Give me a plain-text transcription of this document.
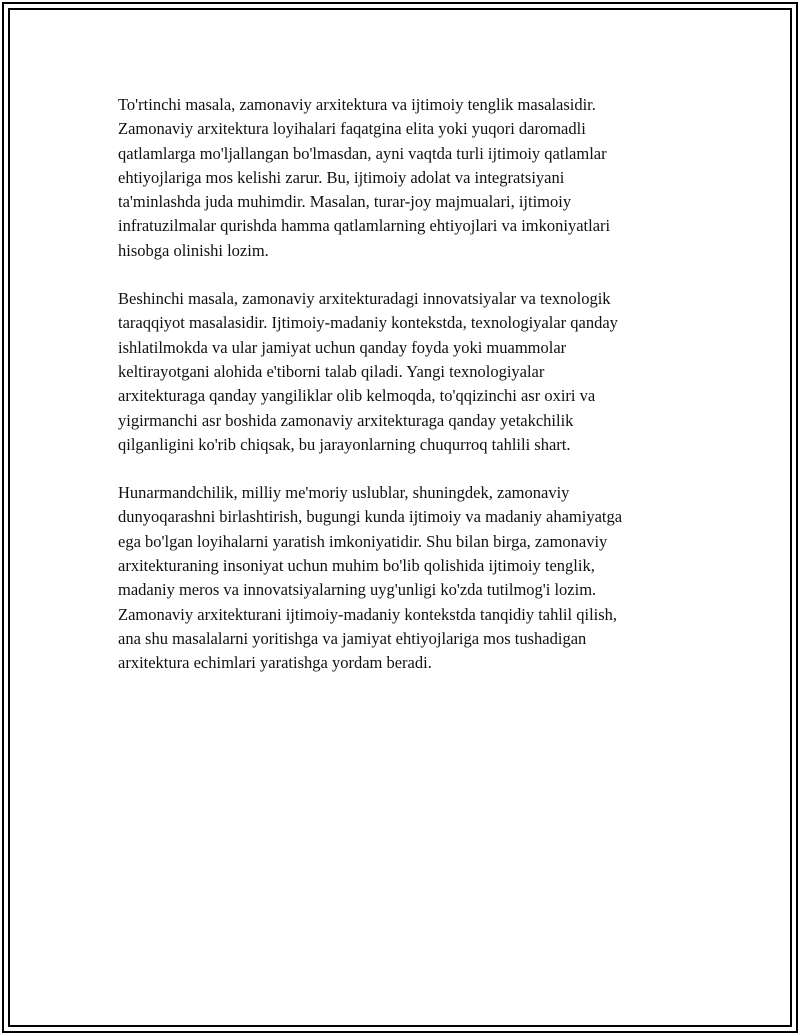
To'rtinchi masala, zamonaviy arxitektura va ijtimoiy tenglik masalasidir.
Zamonaviy arxitektura loyihalari faqatgina elita yoki yuqori daromadli
qatlamlarga mo'ljallangan bo'lmasdan, ayni vaqtda turli ijtimoiy qatlamlar
ehtiyojlariga mos kelishi zarur. Bu, ijtimoiy adolat va integratsiyani
ta'minlashda juda muhimdir. Masalan, turar-joy majmualari, ijtimoiy
infratuzilmalar qurishda hamma qatlamlarning ehtiyojlari va imkoniyatlari
hisobga olinishi lozim.

Beshinchi masala, zamonaviy arxitekturadagi innovatsiyalar va texnologik
taraqqiyot masalasidir. Ijtimoiy-madaniy kontekstda, texnologiyalar qanday
ishlatilmokda va ular jamiyat uchun qanday foyda yoki muammolar
keltirayotgani alohida e'tiborni talab qiladi. Yangi texnologiyalar
arxitekturaga qanday yangiliklar olib kelmoqda, to'qqizinchi asr oxiri va
yigirmanchi asr boshida zamonaviy arxitekturaga qanday yetakchilik
qilganligini ko'rib chiqsak, bu jarayonlarning chuqurroq tahlili shart.

Hunarmandchilik, milliy me'moriy uslublar, shuningdek, zamonaviy
dunyoqarashni birlashtirish, bugungi kunda ijtimoiy va madaniy ahamiyatga
ega bo'lgan loyihalarni yaratish imkoniyatidir. Shu bilan birga, zamonaviy
arxitekturaning insoniyat uchun muhim bo'lib qolishida ijtimoiy tenglik,
madaniy meros va innovatsiyalarning uyg'unligi ko'zda tutilmog'i lozim.
Zamonaviy arxitekturani ijtimoiy-madaniy kontekstda tanqidiy tahlil qilish,
ana shu masalalarni yoritishga va jamiyat ehtiyojlariga mos tushadigan
arxitektura echimlari yaratishga yordam beradi.
